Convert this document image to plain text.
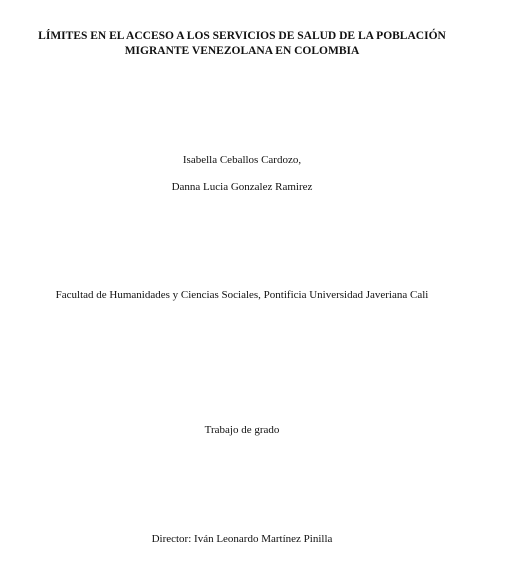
LÍMITES EN EL ACCESO A LOS SERVICIOS DE SALUD DE LA POBLACIÓN
MIGRANTE VENEZOLANA EN COLOMBIA
Isabella Ceballos Cardozo,
Danna Lucia Gonzalez Ramirez
Facultad de Humanidades y Ciencias Sociales, Pontificia Universidad Javeriana Cali
Trabajo de grado
Director: Iván Leonardo Martínez Pinilla
